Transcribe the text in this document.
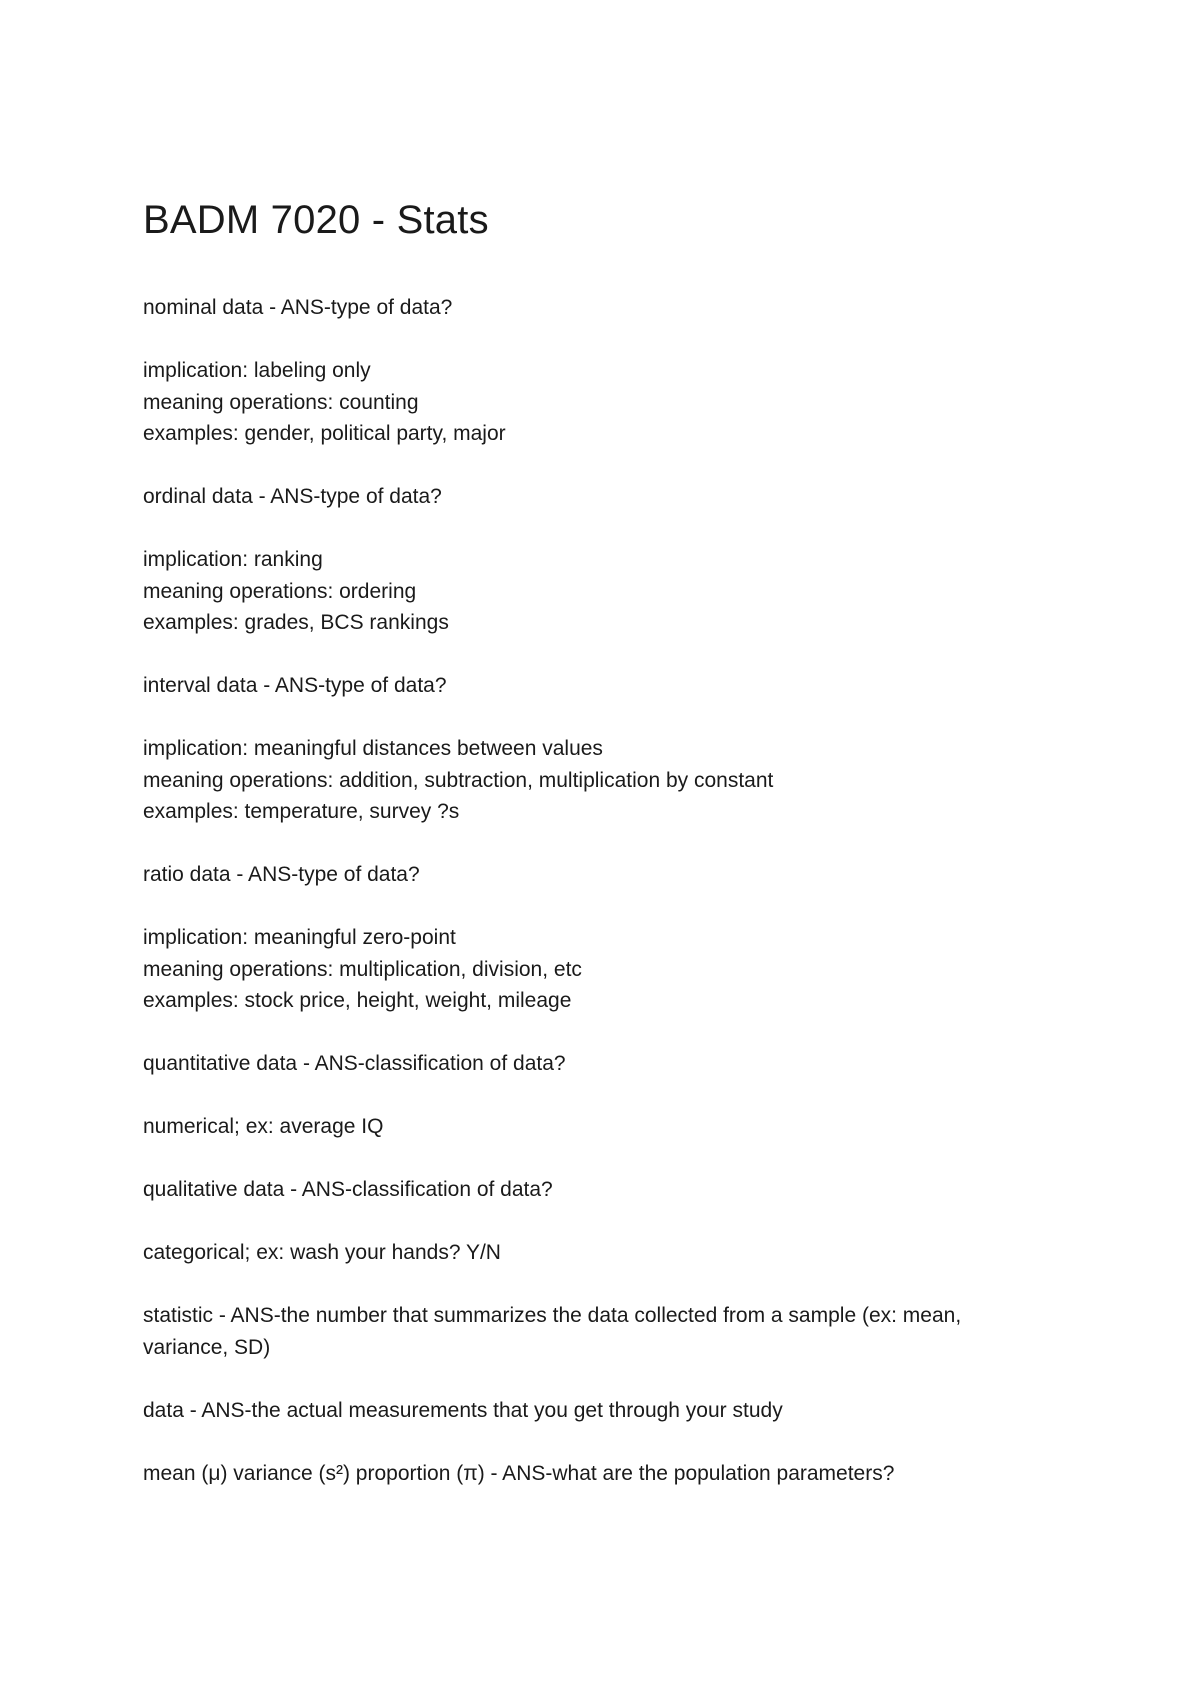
BADM 7020 - Stats

nominal data - ANS-type of data?

implication: labeling only

meaning operations: counting

examples: gender, political party, major

ordinal data - ANS-type of data?

implication: ranking

meaning operations: ordering

examples: grades, BCS rankings

interval data - ANS-type of data?

implication: meaningful distances between values

meaning operations: addition, subtraction, multiplication by constant

examples: temperature, survey ?s

ratio data - ANS-type of data?

implication: meaningful zero-point

meaning operations: multiplication, division, etc

examples: stock price, height, weight, mileage

quantitative data - ANS-classification of data?

numerical; ex: average IQ

qualitative data - ANS-classification of data?

categorical; ex: wash your hands? Y/N

statistic - ANS-the number that summarizes the data collected from a sample (ex: mean, variance, SD)

data - ANS-the actual measurements that you get through your study

mean (μ) variance (s²) proportion (π) - ANS-what are the population parameters?
